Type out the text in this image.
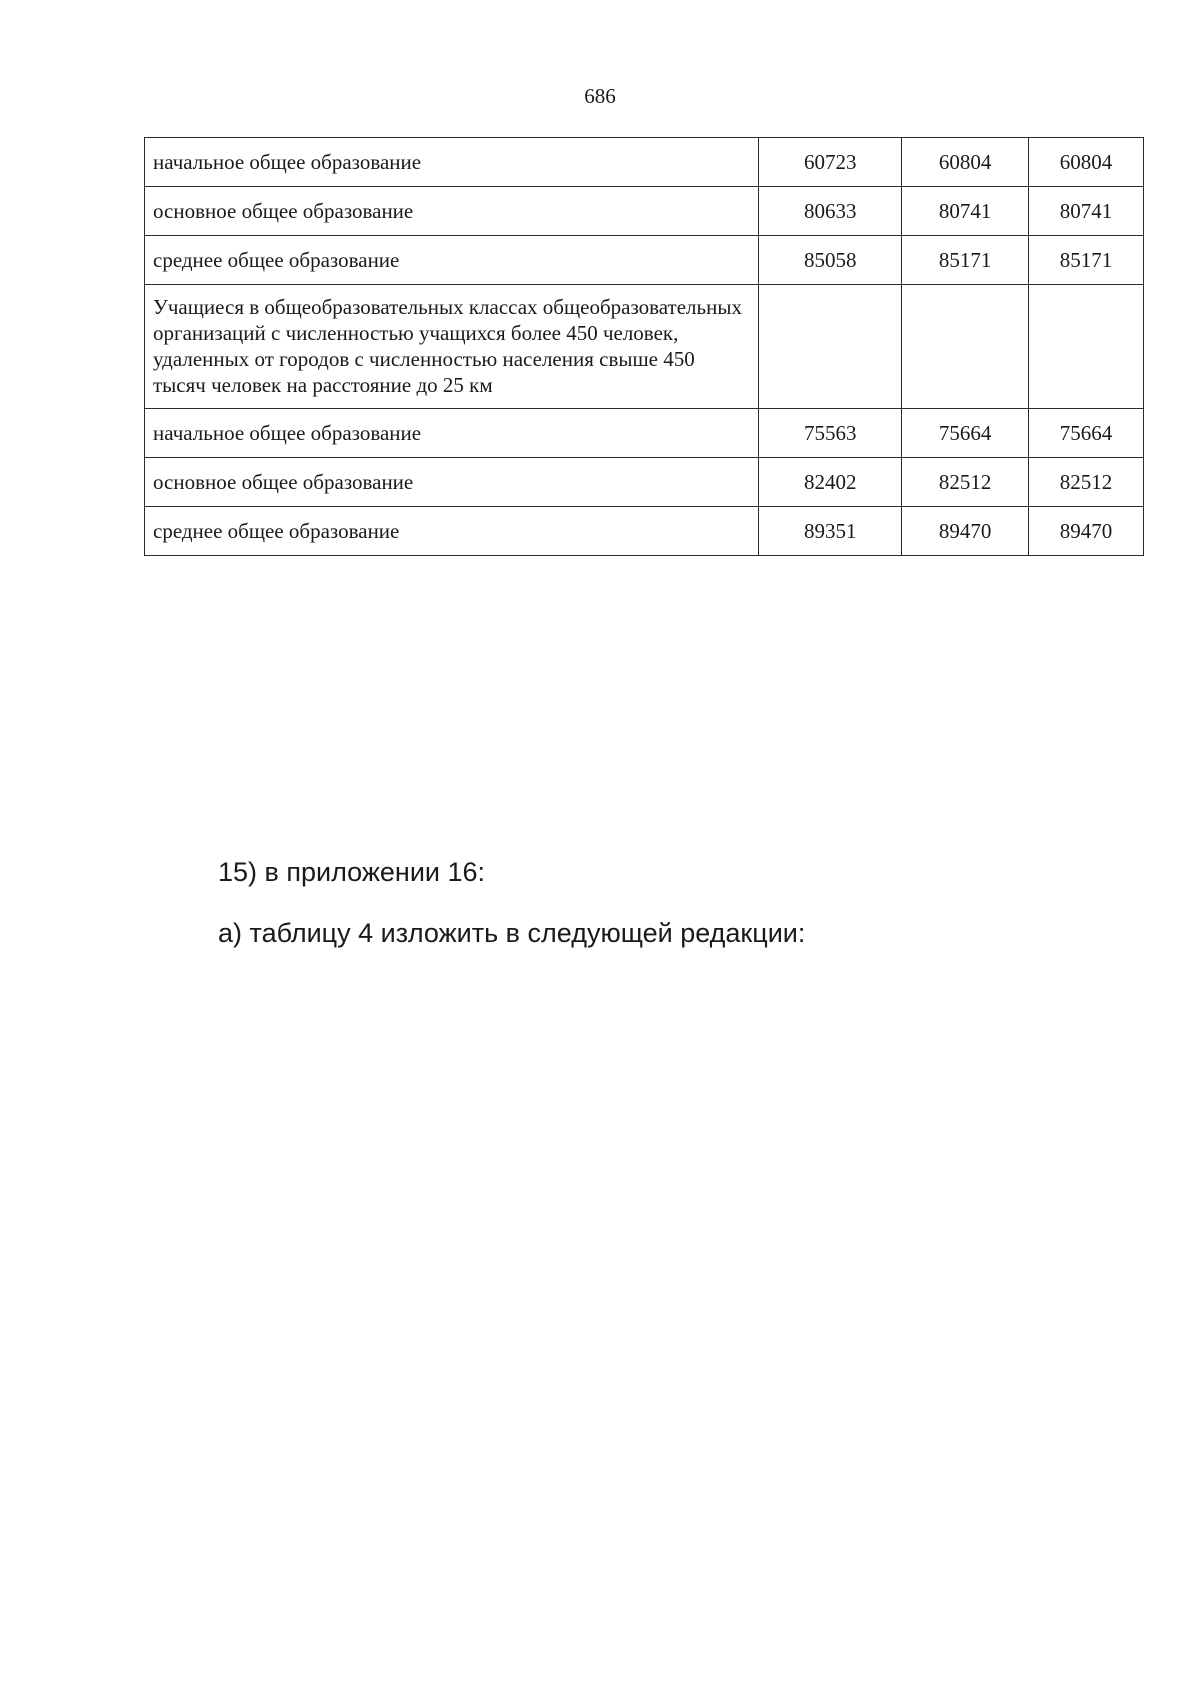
686
начальное общее образование	60723	60804	60804
основное общее образование	80633	80741	80741
среднее общее образование	85058	85171	85171
Учащиеся в общеобразовательных классах общеобразовательных организаций с численностью учащихся более 450 человек, удаленных от городов с численностью населения свыше 450 тысяч человек на расстояние до 25 км			
начальное общее образование	75563	75664	75664
основное общее образование	82402	82512	82512
среднее общее образование	89351	89470	89470
15) в приложении 16:
а) таблицу 4 изложить в следующей редакции:
